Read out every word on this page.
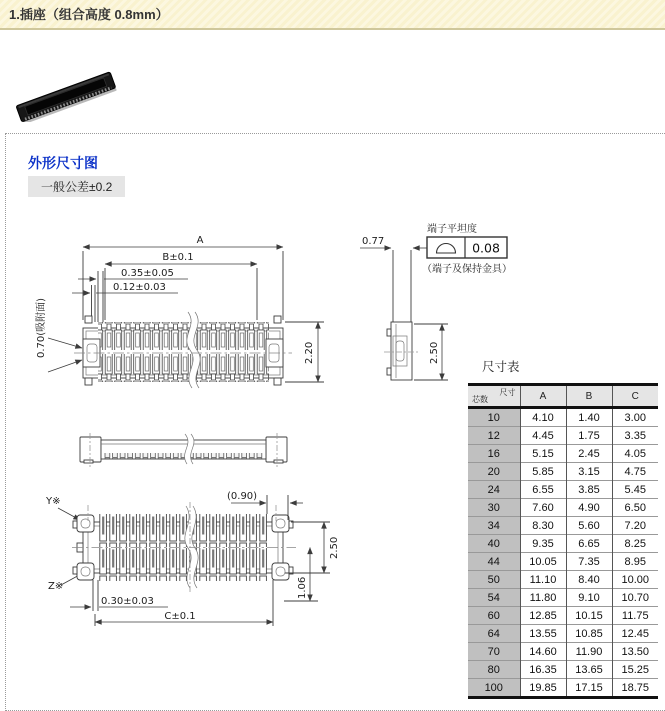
1.插座（组合高度 0.8mm）
外形尺寸图
一般公差±0.2
A
B±0.1
0.35±0.05
0.12±0.03
0.70(吸附面)	2.20
0.77
2.50
端子平坦度
0.08
（端子及保持金具）
Y※
Z※
(0.90)
2.50
1.06
0.30±0.03
C±0.1
尺寸表
尺寸
芯数	A	B	C
10	4.10	1.40	3.00
12	4.45	1.75	3.35
16	5.15	2.45	4.05
20	5.85	3.15	4.75
24	6.55	3.85	5.45
30	7.60	4.90	6.50
34	8.30	5.60	7.20
40	9.35	6.65	8.25
44	10.05	7.35	8.95
50	11.10	8.40	10.00
54	11.80	9.10	10.70
60	12.85	10.15	11.75
64	13.55	10.85	12.45
70	14.60	11.90	13.50
80	16.35	13.65	15.25
100	19.85	17.15	18.75
